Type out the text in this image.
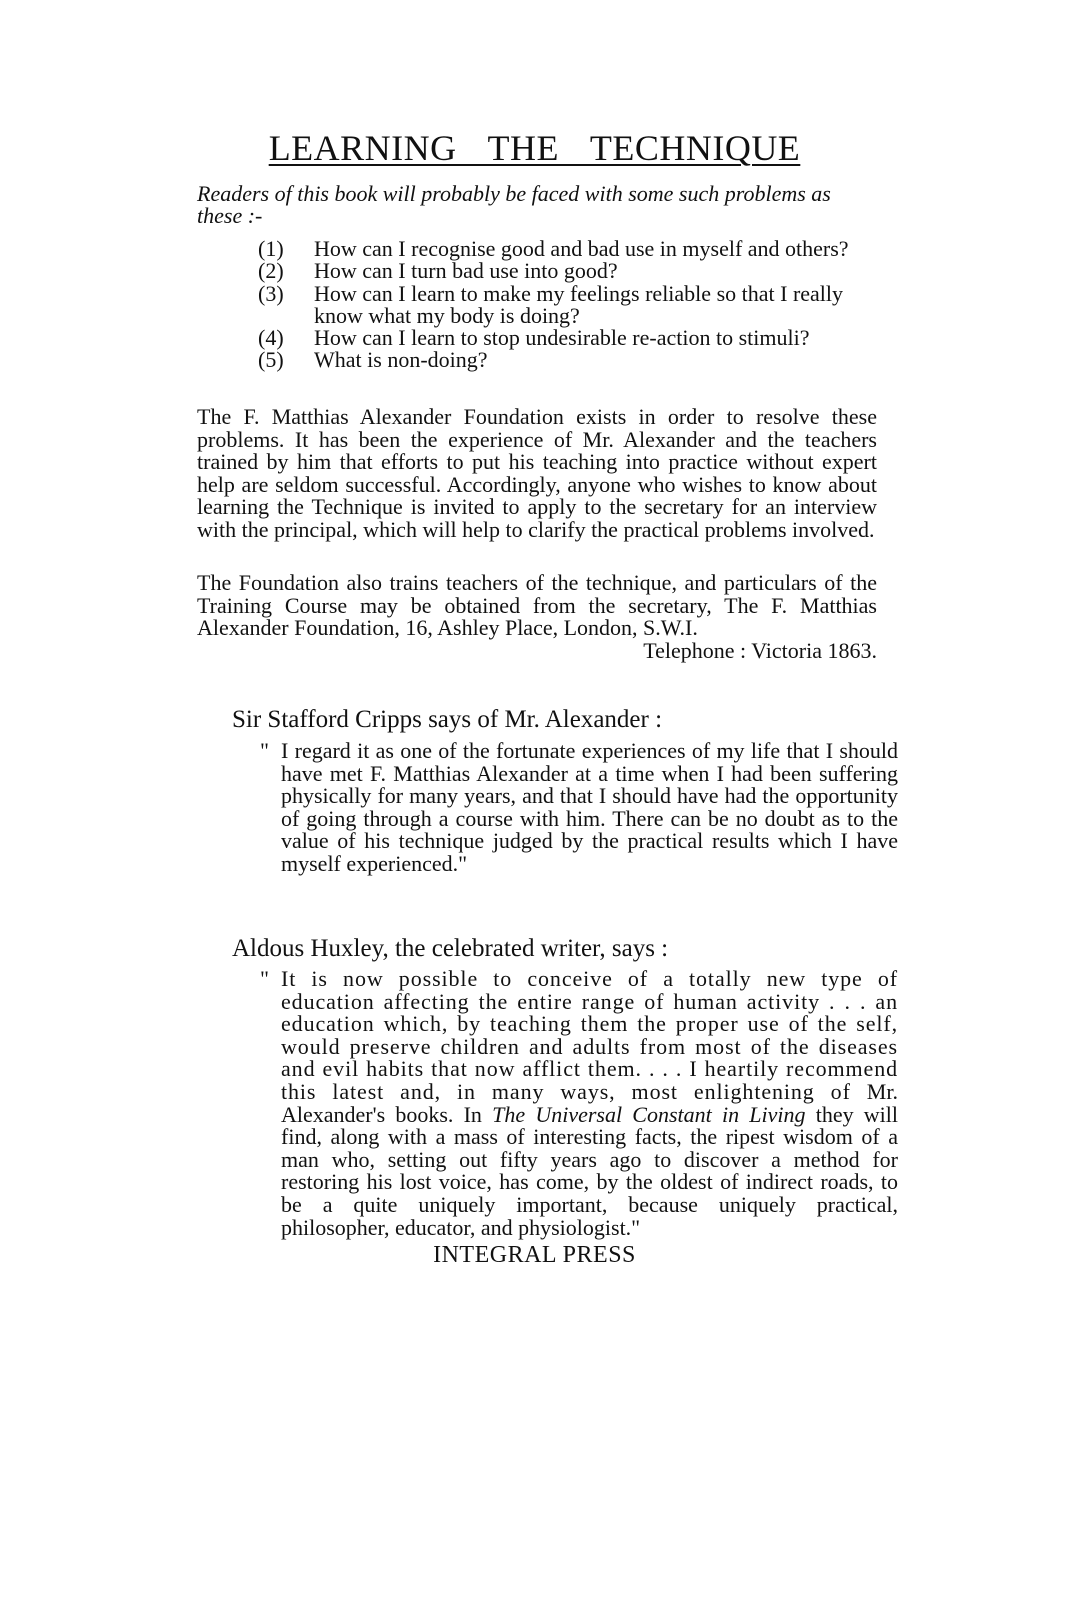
LEARNING THE TECHNIQUE
Readers of this book will probably be faced with some such problems as these :-
(1) How can I recognise good and bad use in myself and others?
(2) How can I turn bad use into good?
(3) How can I learn to make my feelings reliable so that I really know what my body is doing?
(4) How can I learn to stop undesirable re-action to stimuli?
(5) What is non-doing?
The F. Matthias Alexander Foundation exists in order to resolve these problems. It has been the experience of Mr. Alexander and the teachers trained by him that efforts to put his teaching into practice without expert help are seldom successful. Accordingly, anyone who wishes to know about learning the Technique is invited to apply to the secretary for an interview with the principal, which will help to clarify the practical problems involved.
The Foundation also trains teachers of the technique, and particulars of the Training Course may be obtained from the secretary, The F. Matthias Alexander Foundation, 16, Ashley Place, London, S.W.I.
Telephone : Victoria 1863.
Sir Stafford Cripps says of Mr. Alexander :
" I regard it as one of the fortunate experiences of my life that I should have met F. Matthias Alexander at a time when I had been suffering physically for many years, and that I should have had the opportunity of going through a course with him. There can be no doubt as to the value of his technique judged by the practical results which I have myself experienced."
Aldous Huxley, the celebrated writer, says :
" It is now possible to conceive of a totally new type of education affecting the entire range of human activity . . . an education which, by teaching them the proper use of the self, would preserve children and adults from most of the diseases and evil habits that now afflict them. . . . I heartily recommend this latest and, in many ways, most enlightening of Mr. Alexander's books. In The Universal Constant in Living they will find, along with a mass of interesting facts, the ripest wisdom of a man who, setting out fifty years ago to discover a method for restoring his lost voice, has come, by the oldest of indirect roads, to be a quite uniquely important, because uniquely practical, philosopher, educator, and physiologist."
INTEGRAL PRESS
